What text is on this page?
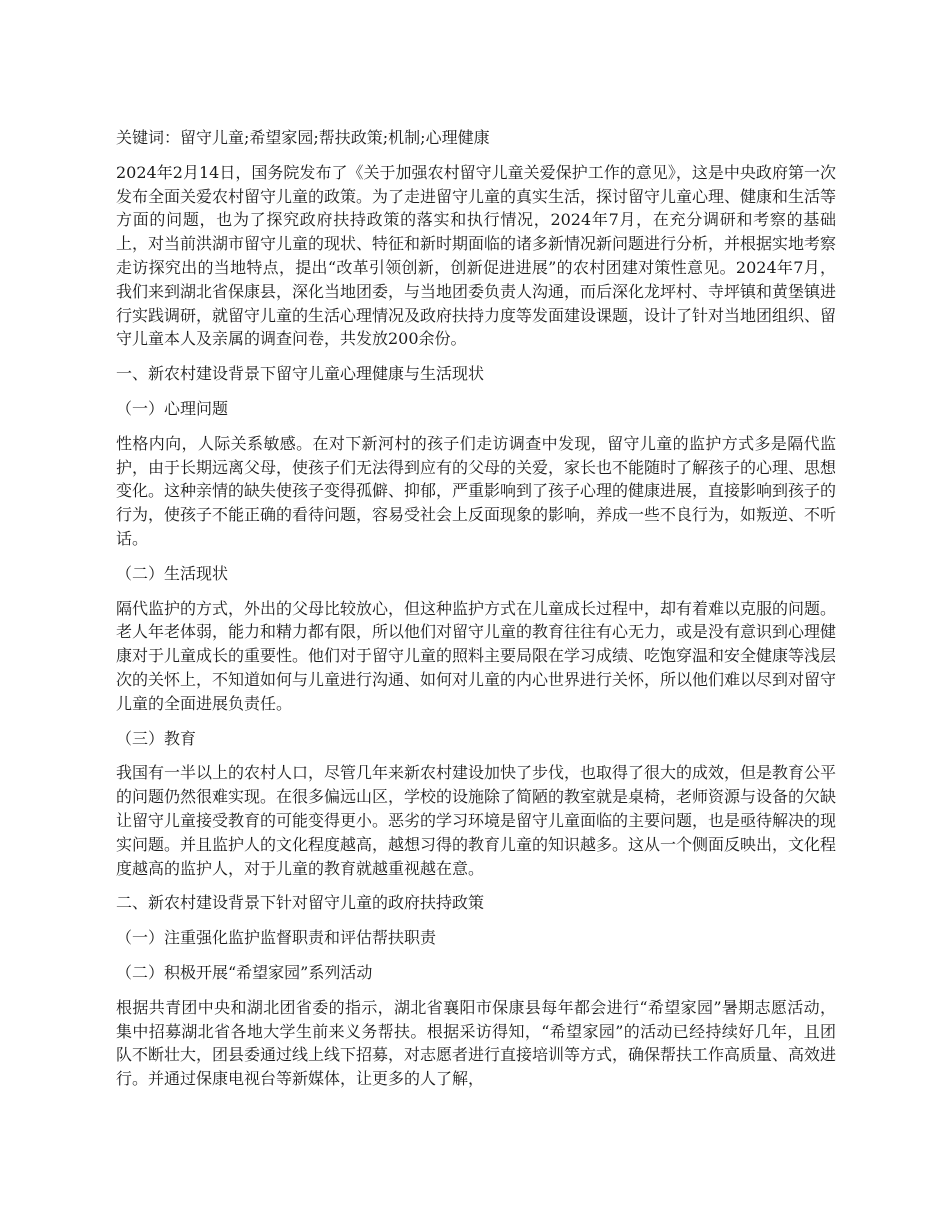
关键词：留守儿童;希望家园;帮扶政策;机制;心理健康

2024年2月14日，国务院发布了《关于加强农村留守儿童关爱保护工作的意见》，这是中央政府第一次发布全面关爱农村留守儿童的政策。为了走进留守儿童的真实生活，探讨留守儿童心理、健康和生活等方面的问题，也为了探究政府扶持政策的落实和执行情况，2024年7月，在充分调研和考察的基础上，对当前洪湖市留守儿童的现状、特征和新时期面临的诸多新情况新问题进行分析，并根据实地考察走访探究出的当地特点，提出“改革引领创新，创新促进进展”的农村团建对策性意见。2024年7月，我们来到湖北省保康县，深化当地团委，与当地团委负责人沟通，而后深化龙坪村、寺坪镇和黄堡镇进行实践调研，就留守儿童的生活心理情况及政府扶持力度等发面建设课题，设计了针对当地团组织、留守儿童本人及亲属的调查问卷，共发放200余份。

一、新农村建设背景下留守儿童心理健康与生活现状

（一）心理问题

性格内向，人际关系敏感。在对下新河村的孩子们走访调查中发现，留守儿童的监护方式多是隔代监护，由于长期远离父母，使孩子们无法得到应有的父母的关爱，家长也不能随时了解孩子的心理、思想变化。这种亲情的缺失使孩子变得孤僻、抑郁，严重影响到了孩子心理的健康进展，直接影响到孩子的行为，使孩子不能正确的看待问题，容易受社会上反面现象的影响，养成一些不良行为，如叛逆、不听话。

（二）生活现状

隔代监护的方式，外出的父母比较放心，但这种监护方式在儿童成长过程中，却有着难以克服的问题。老人年老体弱，能力和精力都有限，所以他们对留守儿童的教育往往有心无力，或是没有意识到心理健康对于儿童成长的重要性。他们对于留守儿童的照料主要局限在学习成绩、吃饱穿温和安全健康等浅层次的关怀上，不知道如何与儿童进行沟通、如何对儿童的内心世界进行关怀，所以他们难以尽到对留守儿童的全面进展负责任。

（三）教育

我国有一半以上的农村人口，尽管几年来新农村建设加快了步伐，也取得了很大的成效，但是教育公平的问题仍然很难实现。在很多偏远山区，学校的设施除了简陋的教室就是桌椅，老师资源与设备的欠缺让留守儿童接受教育的可能变得更小。恶劣的学习环境是留守儿童面临的主要问题，也是亟待解决的现实问题。并且监护人的文化程度越高，越想习得的教育儿童的知识越多。这从一个侧面反映出，文化程度越高的监护人，对于儿童的教育就越重视越在意。

二、新农村建设背景下针对留守儿童的政府扶持政策

（一）注重强化监护监督职责和评估帮扶职责

（二）积极开展“希望家园”系列活动

根据共青团中央和湖北团省委的指示，湖北省襄阳市保康县每年都会进行“希望家园”暑期志愿活动，集中招募湖北省各地大学生前来义务帮扶。根据采访得知，“希望家园”的活动已经持续好几年，且团队不断壮大，团县委通过线上线下招募，对志愿者进行直接培训等方式，确保帮扶工作高质量、高效进行。并通过保康电视台等新媒体，让更多的人了解，
